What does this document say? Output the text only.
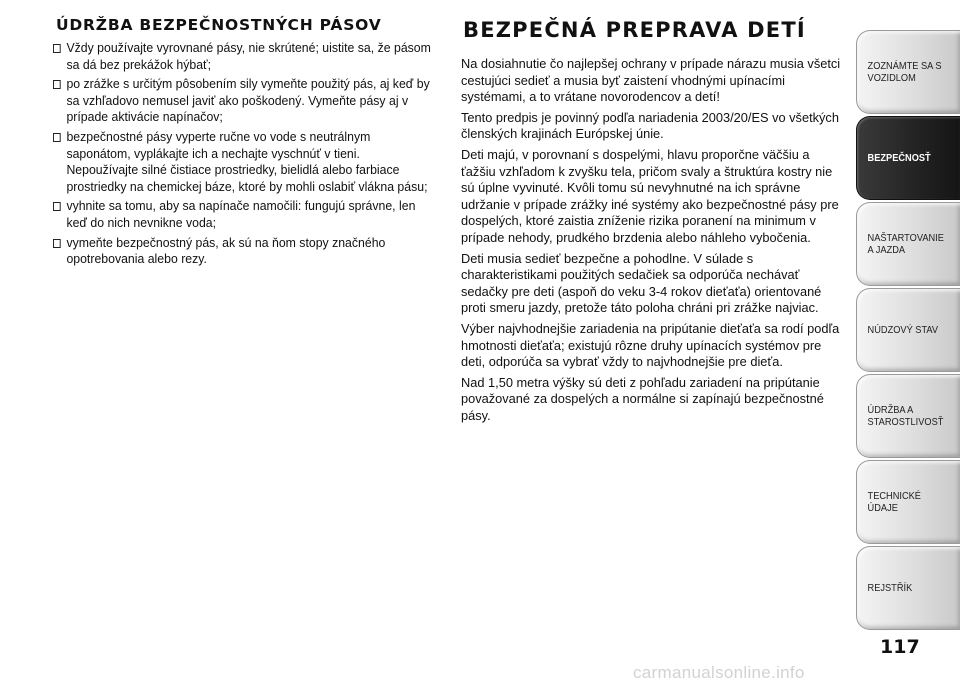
ÚDRŽBA BEZPEČNOSTNÝCH PÁSOV
Vždy používajte vyrovnané pásy, nie skrútené; uistite sa, že pásom sa dá bez prekážok hýbať;
po zrážke s určitým pôsobením sily vymeňte použitý pás, aj keď by sa vzhľadovo nemusel javiť ako poškodený. Vymeňte pásy aj v prípade aktivácie napínačov;
bezpečnostné pásy vyperte ručne vo vode s neutrálnym saponátom, vyplákajte ich a nechajte vyschnúť v tieni. Nepoužívajte silné čistiace prostriedky, bielidlá alebo farbiace prostriedky na chemickej báze, ktoré by mohli oslabiť vlákna pásu;
vyhnite sa tomu, aby sa napínače namočili: fungujú správne, len keď do nich nevnikne voda;
vymeňte bezpečnostný pás, ak sú na ňom stopy značného opotrebovania alebo rezy.
BEZPEČNÁ PREPRAVA DETÍ

Na dosiahnutie čo najlepšej ochrany v prípade nárazu musia všetci cestujúci sedieť a musia byť zaistení vhodnými upínacími systémami, a to vrátane novorodencov a detí!

Tento predpis je povinný podľa nariadenia 2003/20/ES vo všetkých členských krajinách Európskej únie.

Deti majú, v porovnaní s dospelými, hlavu proporčne väčšiu a ťažšiu vzhľadom k zvyšku tela, pričom svaly a štruktúra kostry nie sú úplne vyvinuté. Kvôli tomu sú nevyhnutné na ich správne udržanie v prípade zrážky iné systémy ako bezpečnostné pásy pre dospelých, ktoré zaistia zníženie rizika poranení na minimum v prípade nehody, prudkého brzdenia alebo náhleho vybočenia.

Deti musia sedieť bezpečne a pohodlne. V súlade s charakteristikami použitých sedačiek sa odporúča nechávať sedačky pre deti (aspoň do veku 3-4 rokov dieťaťa) orientované proti smeru jazdy, pretože táto poloha chráni pri zrážke najviac.

Výber najvhodnejšie zariadenia na pripútanie dieťaťa sa rodí podľa hmotnosti dieťaťa; existujú rôzne druhy upínacích systémov pre deti, odporúča sa vybrať vždy to najvhodnejšie pre dieťa.

Nad 1,50 metra výšky sú deti z pohľadu zariadení na pripútanie považované za dospelých a normálne si zapínajú bezpečnostné pásy.

ZOZNÁMTE SA S VOZIDLOM
BEZPEČNOSŤ
NAŠTARTOVANIE A JAZDA
NÚDZOVÝ STAV
ÚDRŽBA A STAROSTLIVOSŤ
TECHNICKÉ ÚDAJE
REJSTŘÍK
117
carmanualsonline.info
